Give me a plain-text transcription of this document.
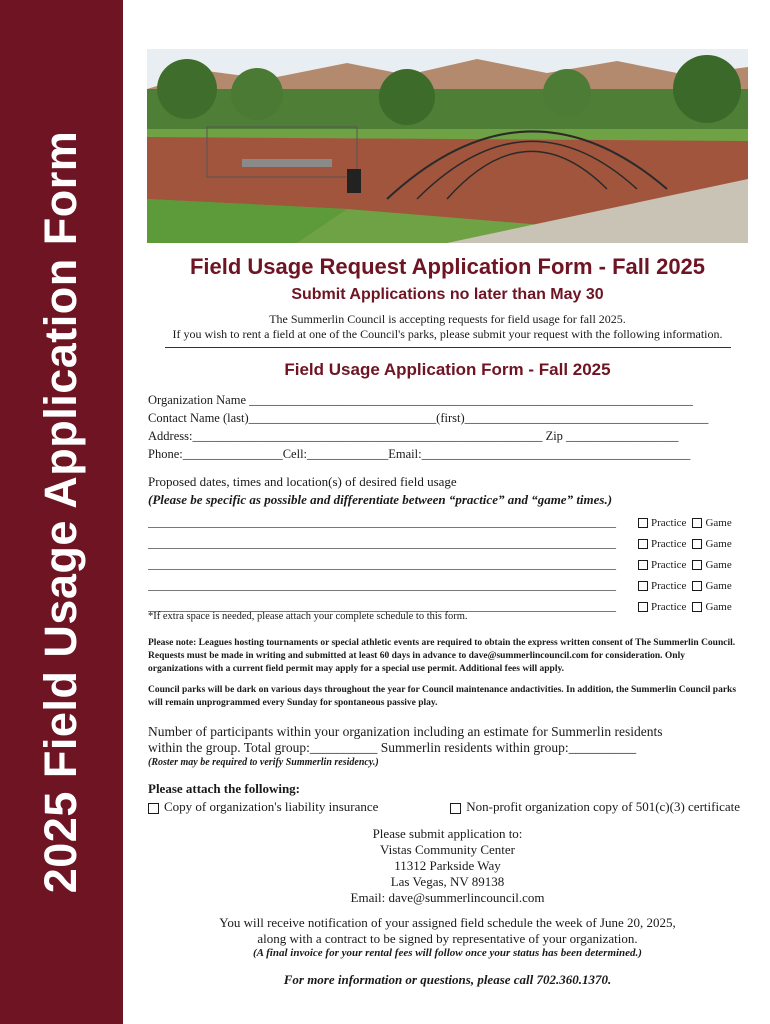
2025 Field Usage Application Form	Field Usage Request Application Form - Fall 2025
Submit Applications no later than May 30
The Summerlin Council is accepting requests for field usage for fall 2025.
If you wish to rent a field at one of the Council's parks, please submit your request with the following information.
Field Usage Application Form - Fall 2025
Organization Name _______________________________________________________________________
Contact Name (last)______________________________(first)_______________________________________
Address:________________________________________________________ Zip __________________
Phone:________________Cell:_____________Email:___________________________________________
Proposed dates, times and location(s) of desired field usage
(Please be specific as possible and differentiate between “practice” and “game” times.)
______________________________________________________________________________	Practice Game
______________________________________________________________________________	Practice Game
______________________________________________________________________________	Practice Game
______________________________________________________________________________	Practice Game
______________________________________________________________________________	Practice Game
*If extra space is needed, please attach your complete schedule to this form.
Please note: Leagues hosting tournaments or special athletic events are required to obtain the express written consent of The Summerlin Council. Requests must be made in writing and submitted at least 60 days in advance to dave@summerlincouncil.com for consideration. Only organizations with a current field permit may apply for a special use permit. Additional fees will apply.
Council parks will be dark on various days throughout the year for Council maintenance andactivities. In addition, the Summerlin Council parks will remain unprogrammed every Sunday for spontaneous passive play.
Number of participants within your organization including an estimate for Summerlin residents
within the group. Total group:__________ Summerlin residents within group:__________
(Roster may be required to verify Summerlin residency.)
Please attach the following:
Copy of organization's liability insurance	Non-profit organization copy of 501(c)(3) certificate
Please submit application to:
Vistas Community Center
11312 Parkside Way
Las Vegas, NV 89138
Email: dave@summerlincouncil.com
You will receive notification of your assigned field schedule the week of June 20, 2025,
along with a contract to be signed by representative of your organization.
(A final invoice for your rental fees will follow once your status has been determined.)
For more information or questions, please call 702.360.1370.
